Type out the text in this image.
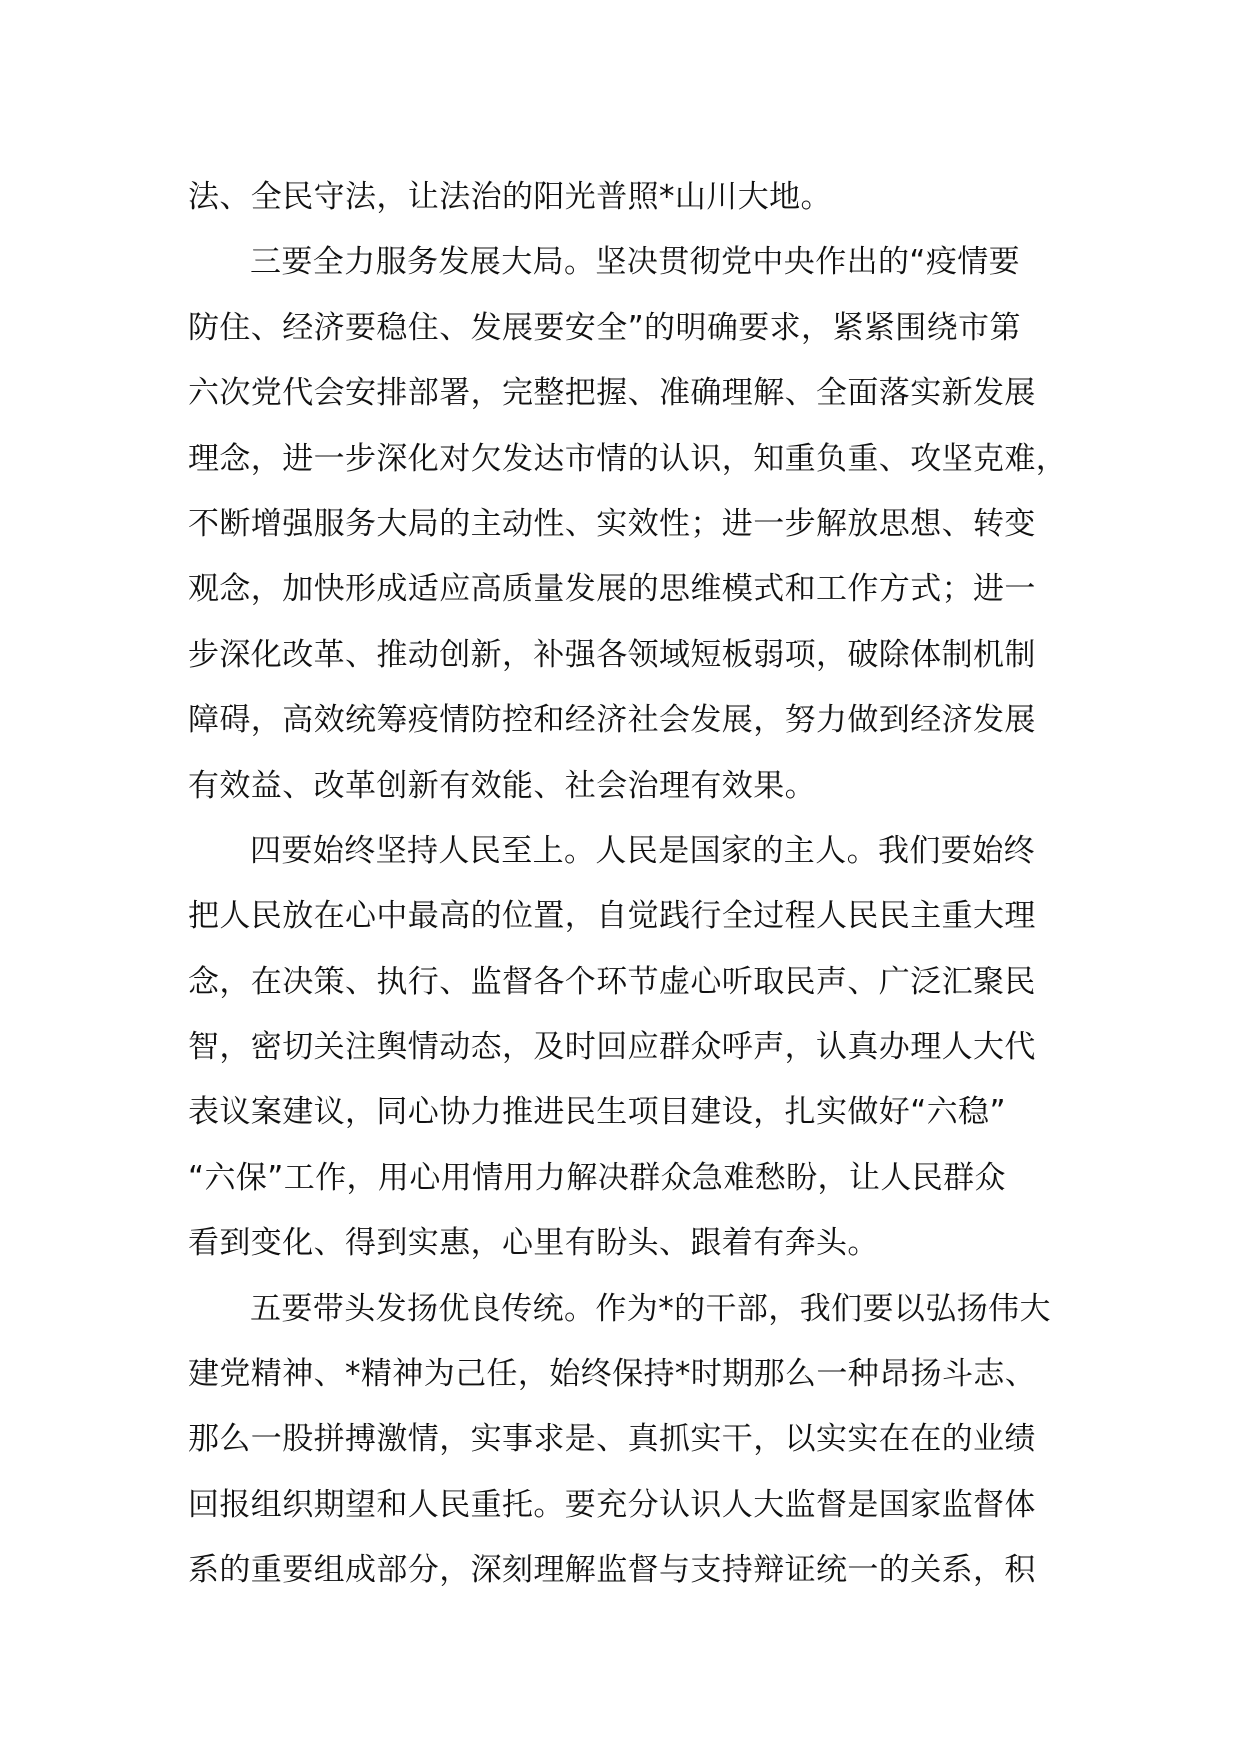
法、全民守法，让法治的阳光普照*山川大地。
三要全力服务发展大局。坚决贯彻党中央作出的“疫情要
防住、经济要稳住、发展要安全”的明确要求，紧紧围绕市第
六次党代会安排部署，完整把握、准确理解、全面落实新发展
理念，进一步深化对欠发达市情的认识，知重负重、攻坚克难，
不断增强服务大局的主动性、实效性；进一步解放思想、转变
观念，加快形成适应高质量发展的思维模式和工作方式；进一
步深化改革、推动创新，补强各领域短板弱项，破除体制机制
障碍，高效统筹疫情防控和经济社会发展，努力做到经济发展
有效益、改革创新有效能、社会治理有效果。
四要始终坚持人民至上。人民是国家的主人。我们要始终
把人民放在心中最高的位置，自觉践行全过程人民民主重大理
念，在决策、执行、监督各个环节虚心听取民声、广泛汇聚民
智，密切关注舆情动态，及时回应群众呼声，认真办理人大代
表议案建议，同心协力推进民生项目建设，扎实做好“六稳”
“六保”工作，用心用情用力解决群众急难愁盼，让人民群众
看到变化、得到实惠，心里有盼头、跟着有奔头。
五要带头发扬优良传统。作为*的干部，我们要以弘扬伟大
建党精神、*精神为己任，始终保持*时期那么一种昂扬斗志、
那么一股拼搏激情，实事求是、真抓实干，以实实在在的业绩
回报组织期望和人民重托。要充分认识人大监督是国家监督体
系的重要组成部分，深刻理解监督与支持辩证统一的关系，积
